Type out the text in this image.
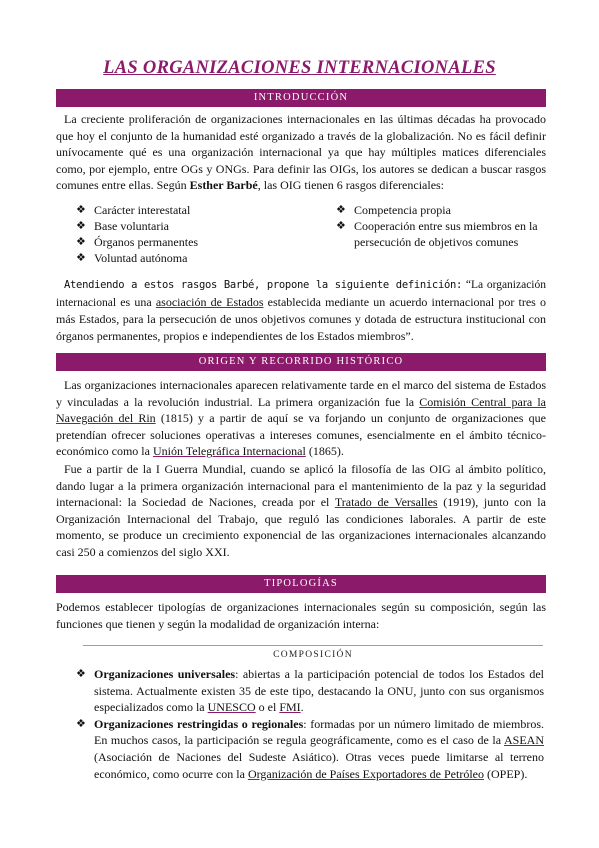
LAS ORGANIZACIONES INTERNACIONALES
INTRODUCCIÓN
La creciente proliferación de organizaciones internacionales en las últimas décadas ha provocado que hoy el conjunto de la humanidad esté organizado a través de la globalización. No es fácil definir unívocamente qué es una organización internacional ya que hay múltiples matices diferenciales como, por ejemplo, entre OGs y ONGs. Para definir las OIGs, los autores se dedican a buscar rasgos comunes entre ellas. Según Esther Barbé, las OIG tienen 6 rasgos diferenciales:
❖ Carácter interestatal
❖ Base voluntaria
❖ Órganos permanentes
❖ Voluntad autónoma
❖ Competencia propia
❖ Cooperación entre sus miembros en la
persecución de objetivos comunes
Atendiendo a estos rasgos Barbé, propone la siguiente definición: “La organización internacional es una asociación de Estados establecida mediante un acuerdo internacional por tres o más Estados, para la persecución de unos objetivos comunes y dotada de estructura institucional con órganos permanentes, propios e independientes de los Estados miembros”.
ORIGEN Y RECORRIDO HISTÓRICO
Las organizaciones internacionales aparecen relativamente tarde en el marco del sistema de Estados y vinculadas a la revolución industrial. La primera organización fue la Comisión Central para la Navegación del Rin (1815) y a partir de aquí se va forjando un conjunto de organizaciones que pretendían ofrecer soluciones operativas a intereses comunes, esencialmente en el ámbito técnico-económico como la Unión Telegráfica Internacional (1865).
Fue a partir de la I Guerra Mundial, cuando se aplicó la filosofía de las OIG al ámbito político, dando lugar a la primera organización internacional para el mantenimiento de la paz y la seguridad internacional: la Sociedad de Naciones, creada por el Tratado de Versalles (1919), junto con la Organización Internacional del Trabajo, que reguló las condiciones laborales. A partir de este momento, se produce un crecimiento exponencial de las organizaciones internacionales alcanzando casi 250 a comienzos del siglo XXI.
TIPOLOGÍAS
Podemos establecer tipologías de organizaciones internacionales según su composición, según las funciones que tienen y según la modalidad de organización interna:
COMPOSICIÓN
❖ Organizaciones universales: abiertas a la participación potencial de todos los Estados del sistema. Actualmente existen 35 de este tipo, destacando la ONU, junto con sus organismos especializados como la UNESCO o el FMI.
❖ Organizaciones restringidas o regionales: formadas por un número limitado de miembros. En muchos casos, la participación se regula geográficamente, como es el caso de la ASEAN (Asociación de Naciones del Sudeste Asiático). Otras veces puede limitarse al terreno económico, como ocurre con la Organización de Países Exportadores de Petróleo (OPEP).
